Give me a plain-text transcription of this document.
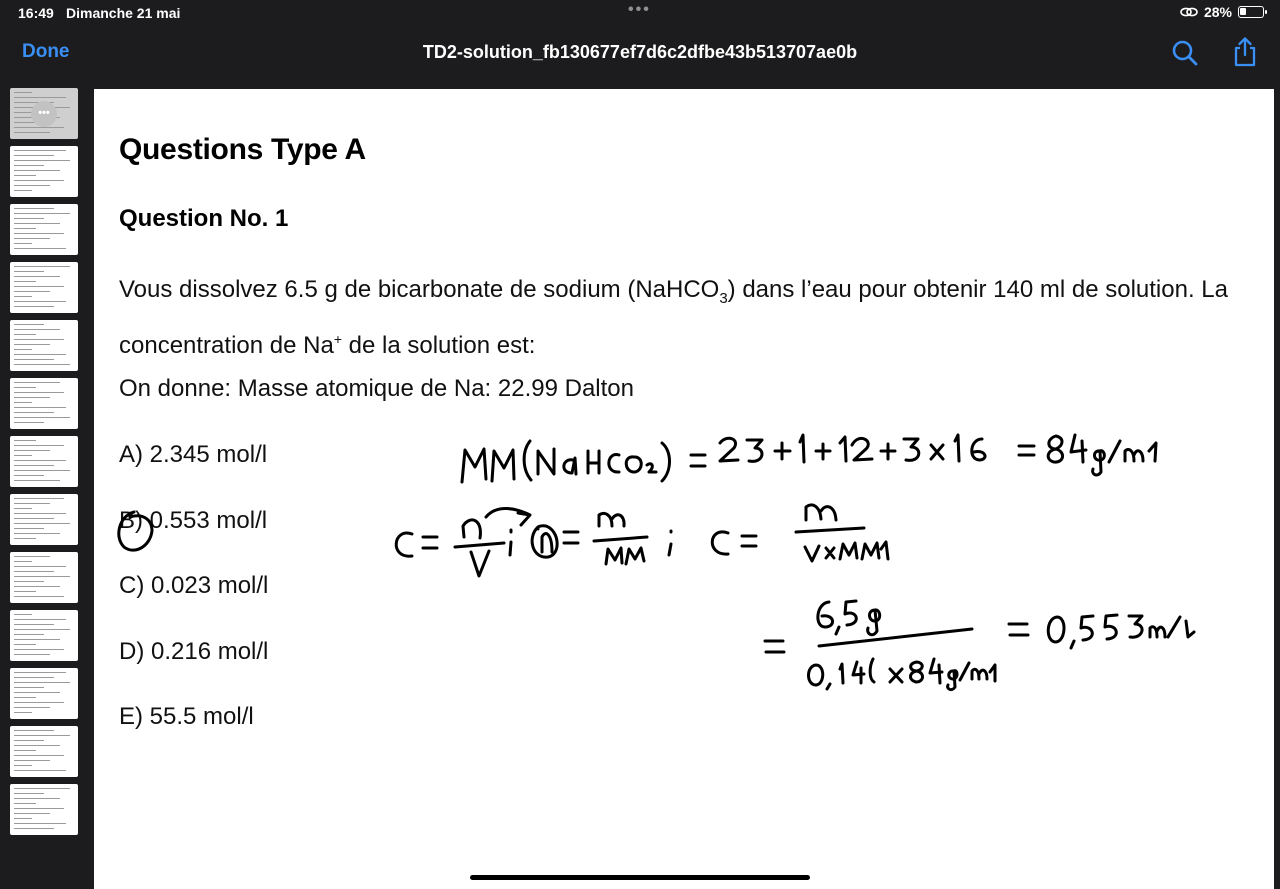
16:49 Dimanche 21 mai	•••	28%
Done	TD2-solution_fb130677ef7d6c2dfbe43b513707ae0b
•••
Questions Type A
Question No. 1
Vous dissolvez 6.5 g de bicarbonate de sodium (NaHCO$_3$) dans l’eau pour obtenir 140 ml de solution. La concentration de Na+ de la solution est:
On donne: Masse atomique de Na: 22.99 Dalton
A) 2.345 mol/l
B) 0.553 mol/l
C) 0.023 mol/l
D) 0.216 mol/l
E) 55.5 mol/l
